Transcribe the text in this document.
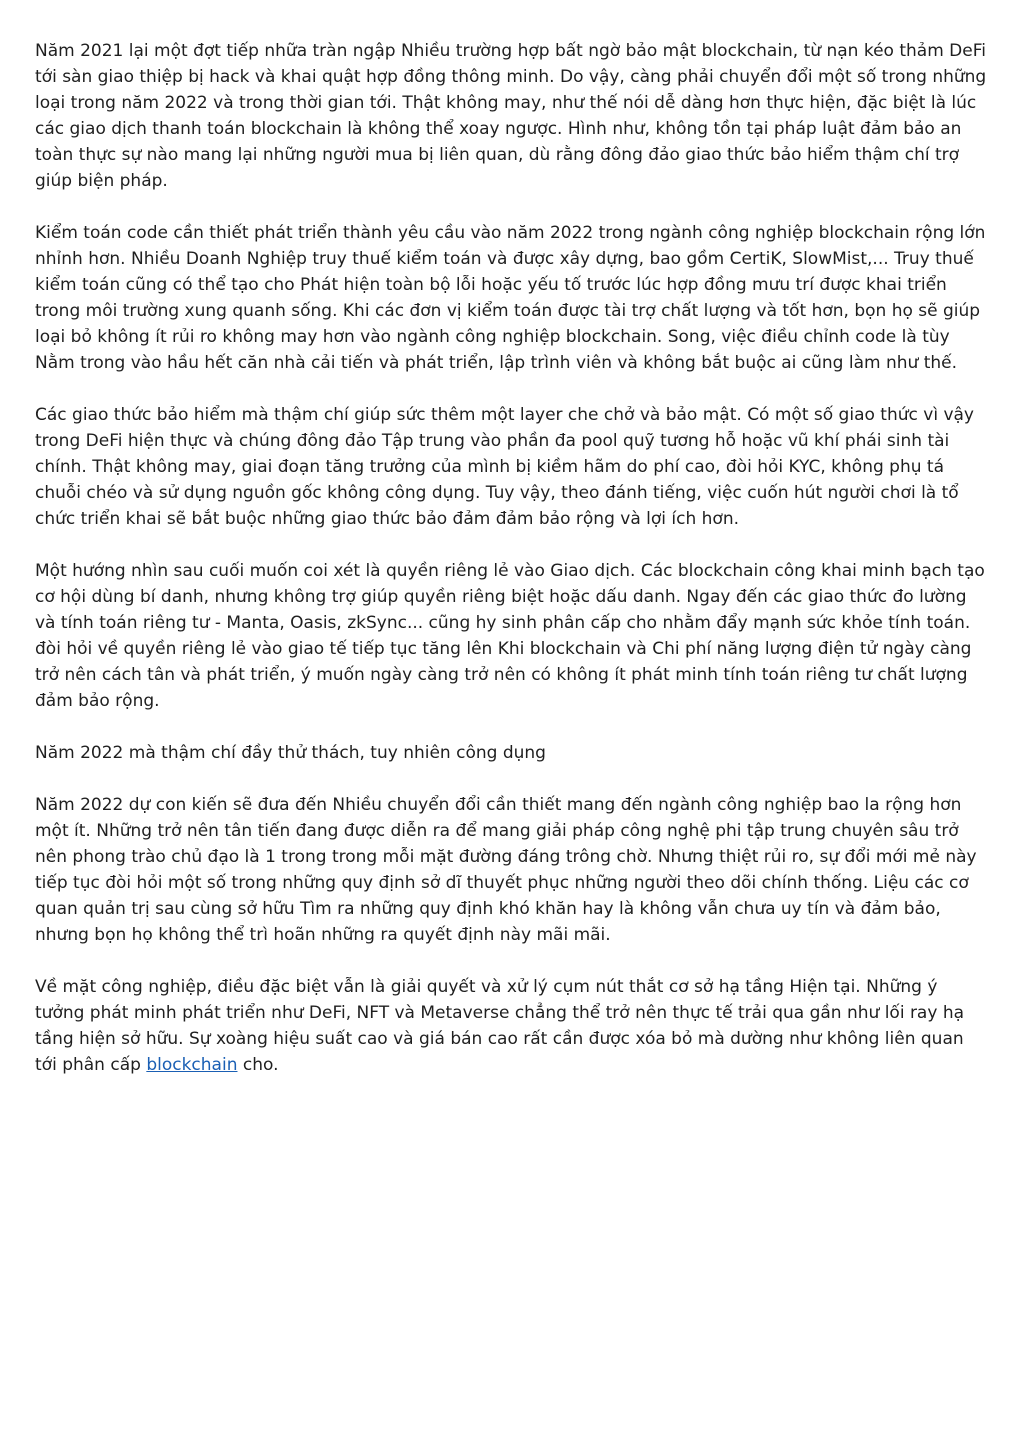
Năm 2021 lại một đợt tiếp nhữa tràn ngập Nhiều trường hợp bất ngờ bảo mật blockchain, từ nạn kéo thảm DeFi tới sàn giao thiệp bị hack và khai quật hợp đồng thông minh. Do vậy, càng phải chuyển đổi một số trong những loại trong năm 2022 và trong thời gian tới. Thật không may, như thế nói dễ dàng hơn thực hiện, đặc biệt là lúc các giao dịch thanh toán blockchain là không thể xoay ngược. Hình như, không tồn tại pháp luật đảm bảo an toàn thực sự nào mang lại những người mua bị liên quan, dù rằng đông đảo giao thức bảo hiểm thậm chí trợ giúp biện pháp.

Kiểm toán code cần thiết phát triển thành yêu cầu vào năm 2022 trong ngành công nghiệp blockchain rộng lớn nhỉnh hơn. Nhiều Doanh Nghiệp truy thuế kiểm toán và được xây dựng, bao gồm CertiK, SlowMist,... Truy thuế kiểm toán cũng có thể tạo cho Phát hiện toàn bộ lỗi hoặc yếu tố trước lúc hợp đồng mưu trí được khai triển trong môi trường xung quanh sống. Khi các đơn vị kiểm toán được tài trợ chất lượng và tốt hơn, bọn họ sẽ giúp loại bỏ không ít rủi ro không may hơn vào ngành công nghiệp blockchain. Song, việc điều chỉnh code là tùy Nằm trong vào hầu hết căn nhà cải tiến và phát triển, lập trình viên và không bắt buộc ai cũng làm như thế.

Các giao thức bảo hiểm mà thậm chí giúp sức thêm một layer che chở và bảo mật. Có một số giao thức vì vậy trong DeFi hiện thực và chúng đông đảo Tập trung vào phần đa pool quỹ tương hỗ hoặc vũ khí phái sinh tài chính. Thật không may, giai đoạn tăng trưởng của mình bị kiềm hãm do phí cao, đòi hỏi KYC, không phụ tá chuỗi chéo và sử dụng nguồn gốc không công dụng. Tuy vậy, theo đánh tiếng, việc cuốn hút người chơi là tổ chức triển khai sẽ bắt buộc những giao thức bảo đảm đảm bảo rộng và lợi ích hơn.

Một hướng nhìn sau cuối muốn coi xét là quyền riêng lẻ vào Giao dịch. Các blockchain công khai minh bạch tạo cơ hội dùng bí danh, nhưng không trợ giúp quyền riêng biệt hoặc dấu danh. Ngay đến các giao thức đo lường và tính toán riêng tư - Manta, Oasis, zkSync... cũng hy sinh phân cấp cho nhằm đẩy mạnh sức khỏe tính toán. đòi hỏi về quyền riêng lẻ vào giao tế tiếp tục tăng lên Khi blockchain và Chi phí năng lượng điện tử ngày càng trở nên cách tân và phát triển, ý muốn ngày càng trở nên có không ít phát minh tính toán riêng tư chất lượng đảm bảo rộng.

Năm 2022 mà thậm chí đầy thử thách, tuy nhiên công dụng

Năm 2022 dự con kiến sẽ đưa đến Nhiều chuyển đổi cần thiết mang đến ngành công nghiệp bao la rộng hơn một ít. Những trở nên tân tiến đang được diễn ra để mang giải pháp công nghệ phi tập trung chuyên sâu trở nên phong trào chủ đạo là 1 trong trong mỗi mặt đường đáng trông chờ. Nhưng thiệt rủi ro, sự đổi mới mẻ này tiếp tục đòi hỏi một số trong những quy định sở dĩ thuyết phục những người theo dõi chính thống. Liệu các cơ quan quản trị sau cùng sở hữu Tìm ra những quy định khó khăn hay là không vẫn chưa uy tín và đảm bảo, nhưng bọn họ không thể trì hoãn những ra quyết định này mãi mãi.

Về mặt công nghiệp, điều đặc biệt vẫn là giải quyết và xử lý cụm nút thắt cơ sở hạ tầng Hiện tại. Những ý tưởng phát minh phát triển như DeFi, NFT và Metaverse chẳng thể trở nên thực tế trải qua gần như lối ray hạ tầng hiện sở hữu. Sự xoàng hiệu suất cao và giá bán cao rất cần được xóa bỏ mà dường như không liên quan tới phân cấp blockchain cho.
